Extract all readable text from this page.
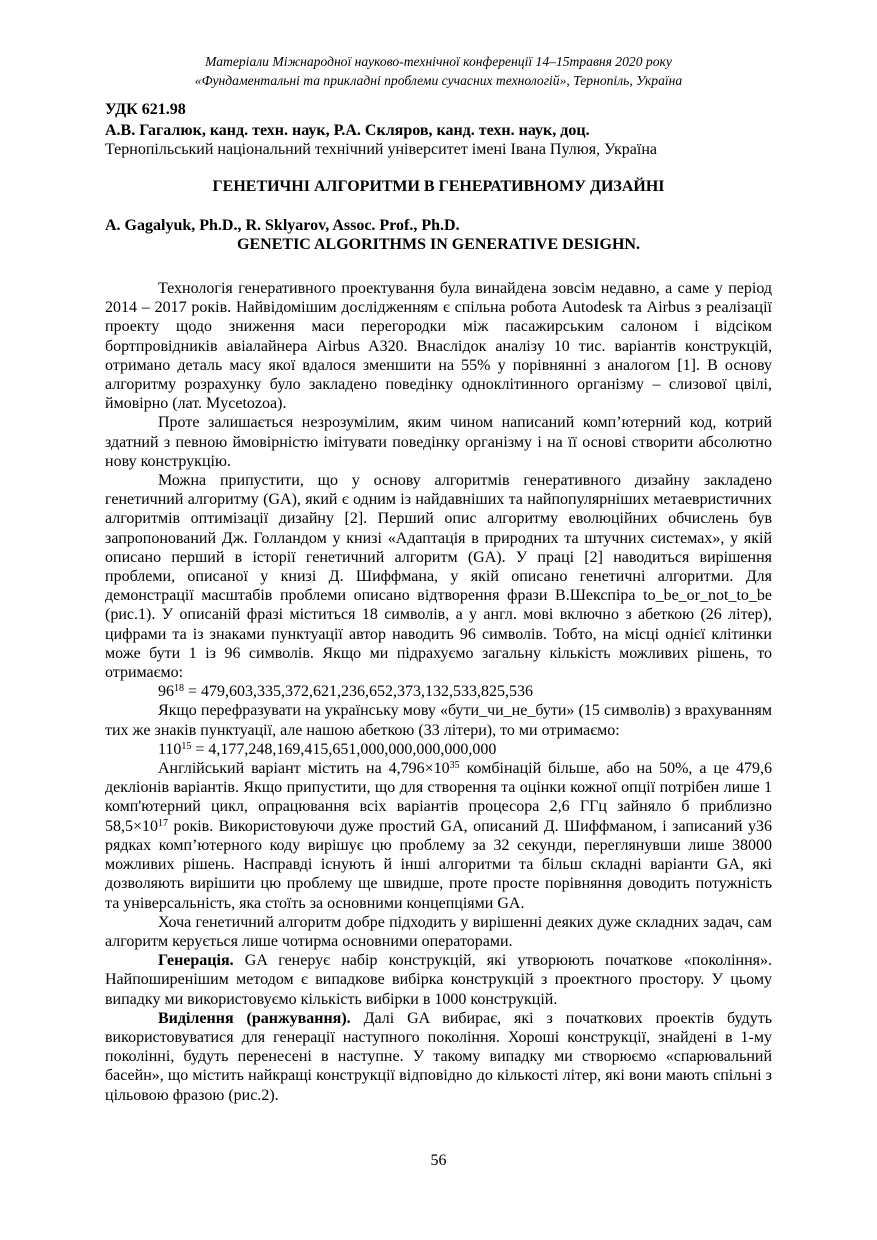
Матеріали Міжнародної науково-технічної конференції 14–15травня 2020 року
«Фундаментальні та прикладні проблеми сучасних технологій», Тернопіль, Україна
УДК 621.98
А.В. Гагалюк, канд. техн. наук, Р.А. Скляров, канд. техн. наук, доц.
Тернопільський національний технічний університет імені Івана Пулюя, Україна
ГЕНЕТИЧНІ АЛГОРИТМИ В ГЕНЕРАТИВНОМУ ДИЗАЙНІ
A. Gagalyuk, Ph.D., R. Sklyarov, Assoc. Prof., Ph.D.
GENETIC ALGORITHMS IN GENERATIVE DESIGHN.

Технологія генеративного проектування була винайдена зовсім недавно, а саме у період 2014 – 2017 років. Найвідомішим дослідженням є спільна робота Autodesk та Airbus з реалізації проекту щодо зниження маси перегородки між пасажирським салоном і відсіком бортпровідників авіалайнера Airbus A320. Внаслідок аналізу 10 тис. варіантів конструкцій, отримано деталь масу якої вдалося зменшити на 55% у порівнянні з аналогом [1]. В основу алгоритму розрахунку було закладено поведінку одноклітинного організму – слизової цвілі, ймовірно (лат. Mycetozoa).

Проте залишається незрозумілим, яким чином написаний комп’ютерний код, котрий здатний з певною ймовірністю імітувати поведінку організму і на її основі створити абсолютно нову конструкцію.

Можна припустити, що у основу алгоритмів генеративного дизайну закладено генетичний алгоритму (GA), який є одним із найдавніших та найпопулярніших метаевристичних алгоритмів оптимізації дизайну [2]. Перший опис алгоритму еволюційних обчислень був запропонований Дж. Голландом у книзі «Адаптація в природних та штучних системах», у якій описано перший в історії генетичний алгоритм (GA). У праці [2] наводиться вирішення проблеми, описаної у книзі Д. Шиффмана, у якій описано генетичні алгоритми. Для демонстрації масштабів проблеми описано відтворення фрази В.Шекспіра to_be_or_not_to_be (рис.1). У описаній фразі міститься 18 символів, а у англ. мові включно з абеткою (26 літер), цифрами та із знаками пунктуації автор наводить 96 символів. Тобто, на місці однієї клітинки може бути 1 із 96 символів. Якщо ми підрахуємо загальну кількість можливих рішень, то отримаємо:

$96^{18} = 479,603,335,372,621,236,652,373,132,533,825,536$

Якщо перефразувати на українську мову «бути_чи_не_бути» (15 символів) з врахуванням тих же знаків пунктуації, але нашою абеткою (33 літери), то ми отримаємо:

$110^{15} = 4,177,248,169,415,651,000,000,000,000,000$

Англійський варіант містить на $4,796\times 10^{35}$ комбінацій більше, або на 50%, а це 479,6 декліонів варіантів. Якщо припустити, що для створення та оцінки кожної опції потрібен лише 1 комп'ютерний цикл, опрацювання всіх варіантів процесора 2,6 ГГц зайняло б приблизно $58,5\times 10^{17}$ років. Використовуючи дуже простий GA, описаний Д. Шиффманом, і записаний у36 рядках комп’ютерного коду вирішує цю проблему за 32 секунди, переглянувши лише 38000 можливих рішень. Насправді існують й інші алгоритми та більш складні варіанти GA, які дозволяють вирішити цю проблему ще швидше, проте просте порівняння доводить потужність та універсальність, яка стоїть за основними концепціями GA.

Хоча генетичний алгоритм добре підходить у вирішенні деяких дуже складних задач, сам алгоритм керується лише чотирма основними операторами.

Генерація. GA генерує набір конструкцій, які утворюють початкове «покоління». Найпоширенішим методом є випадкове вибірка конструкцій з проектного простору. У цьому випадку ми використовуємо кількість вибірки в 1000 конструкцій.

Виділення (ранжування). Далі GA вибирає, які з початкових проектів будуть використовуватися для генерації наступного покоління. Хороші конструкції, знайдені в 1-му поколінні, будуть перенесені в наступне. У такому випадку ми створюємо «спарювальний басейн», що містить найкращі конструкції відповідно до кількості літер, які вони мають спільні з цільовою фразою (рис.2).

56
